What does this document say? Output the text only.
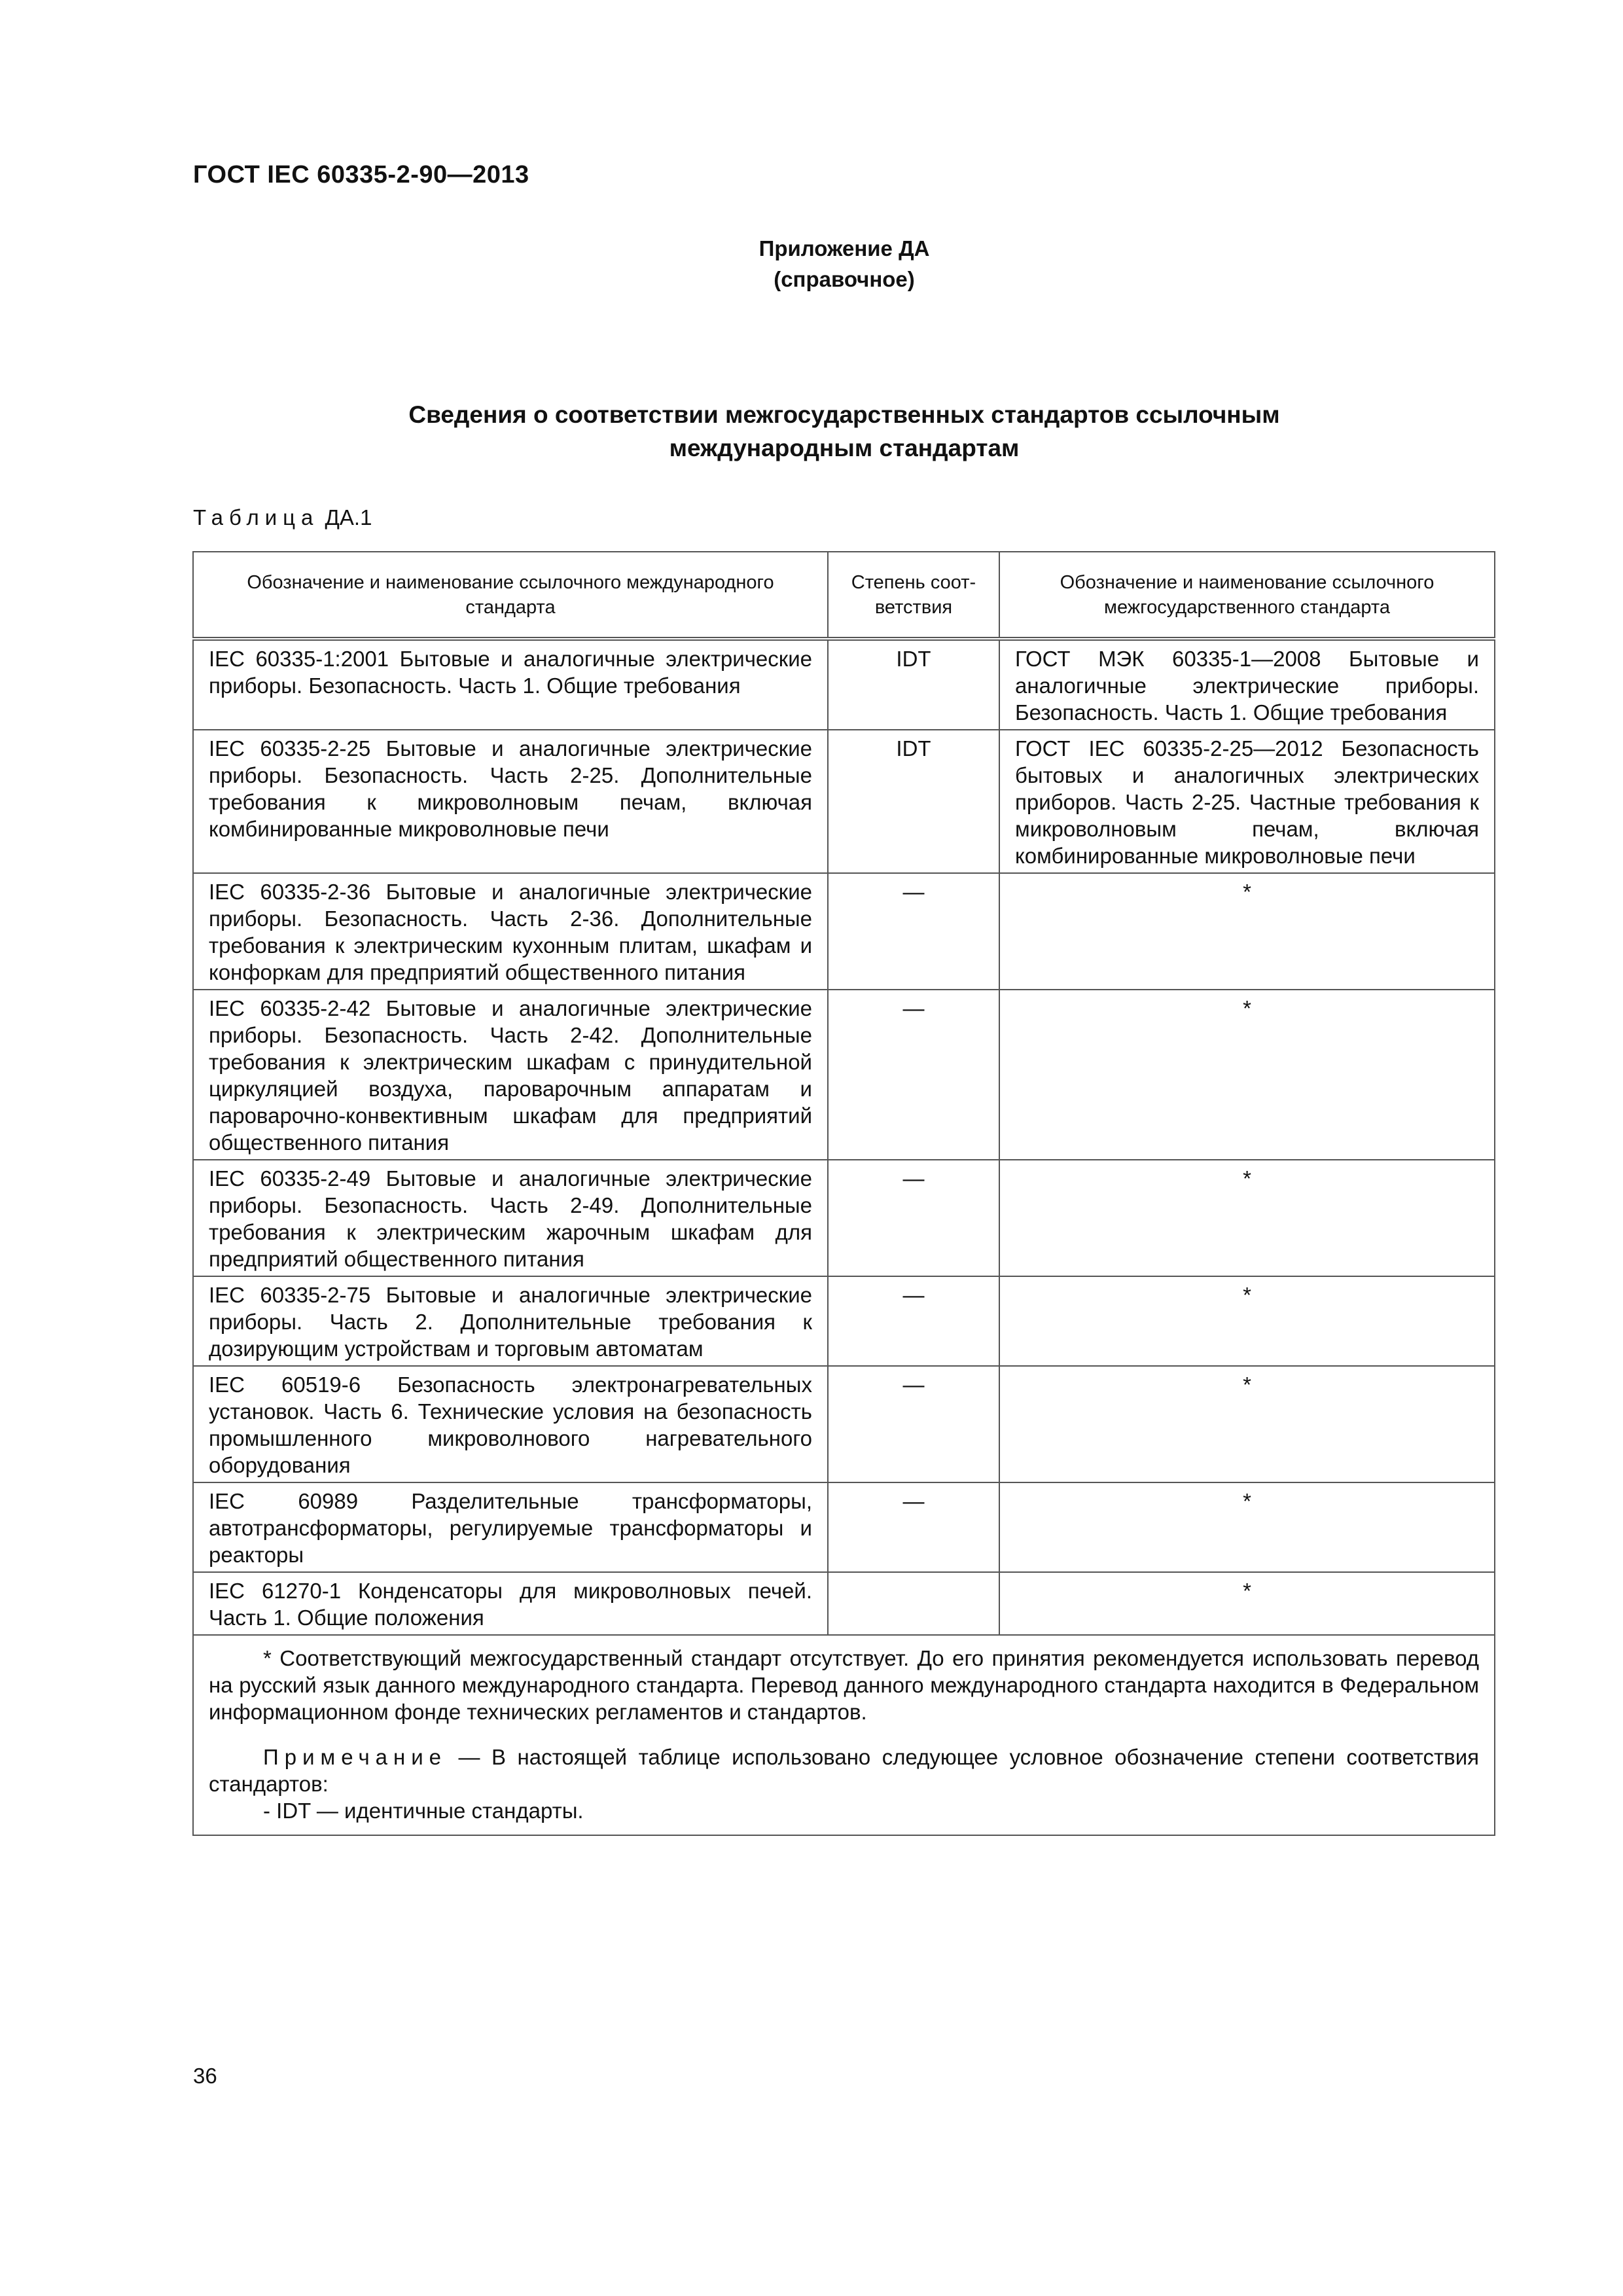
ГОСТ IEC 60335-2-90—2013
Приложение ДА
(справочное)
Сведения о соответствии межгосударственных стандартов ссылочным
международным стандартам
Таблица ДА.1
Обозначение и наименование ссылочного международного стандарта	Степень соот-ветствия	Обозначение и наименование ссылочного межгосударственного стандарта
IEC 60335-1:2001 Бытовые и аналогичные электрические приборы. Безопасность. Часть 1. Общие требования	IDT	ГОСТ МЭК 60335-1—2008 Бытовые и аналогичные электрические приборы. Безопасность. Часть 1. Общие требования
IEC 60335-2-25 Бытовые и аналогичные электрические приборы. Безопасность. Часть 2-25. Дополнительные требования к микроволновым печам, включая комбинированные микроволновые печи	IDT	ГОСТ IEC 60335-2-25—2012 Безопасность бытовых и аналогичных электрических приборов. Часть 2-25. Частные требования к микроволновым печам, включая комбинированные микроволновые печи
IEC 60335-2-36 Бытовые и аналогичные электрические приборы. Безопасность. Часть 2-36. Дополнительные требования к электрическим кухонным плитам, шкафам и конфоркам для предприятий общественного питания	—	*
IEC 60335-2-42 Бытовые и аналогичные электрические приборы. Безопасность. Часть 2-42. Дополнительные требования к электрическим шкафам с принудительной циркуляцией воздуха, пароварочным аппаратам и пароварочно-конвективным шкафам для предприятий общественного питания	—	*
IEC 60335-2-49 Бытовые и аналогичные электрические приборы. Безопасность. Часть 2-49. Дополнительные требования к электрическим жарочным шкафам для предприятий общественного питания	—	*
IEC 60335-2-75 Бытовые и аналогичные электрические приборы. Часть 2. Дополнительные требования к дозирующим устройствам и торговым автоматам	—	*
IEC 60519-6 Безопасность электронагревательных установок. Часть 6. Технические условия на безопасность промышленного микроволнового нагревательного оборудования	—	*
IEC 60989 Разделительные трансформаторы, автотрансформаторы, регулируемые трансформаторы и реакторы	—	*
IEC 61270-1 Конденсаторы для микроволновых печей. Часть 1. Общие положения		*

* Соответствующий межгосударственный стандарт отсутствует. До его принятия рекомендуется использовать перевод на русский язык данного международного стандарта. Перевод данного международного стандарта находится в Федеральном информационном фонде технических регламентов и стандартов.

Примечание — В настоящей таблице использовано следующее условное обозначение степени соответствия стандартов:

- IDT — идентичные стандарты.		

36
